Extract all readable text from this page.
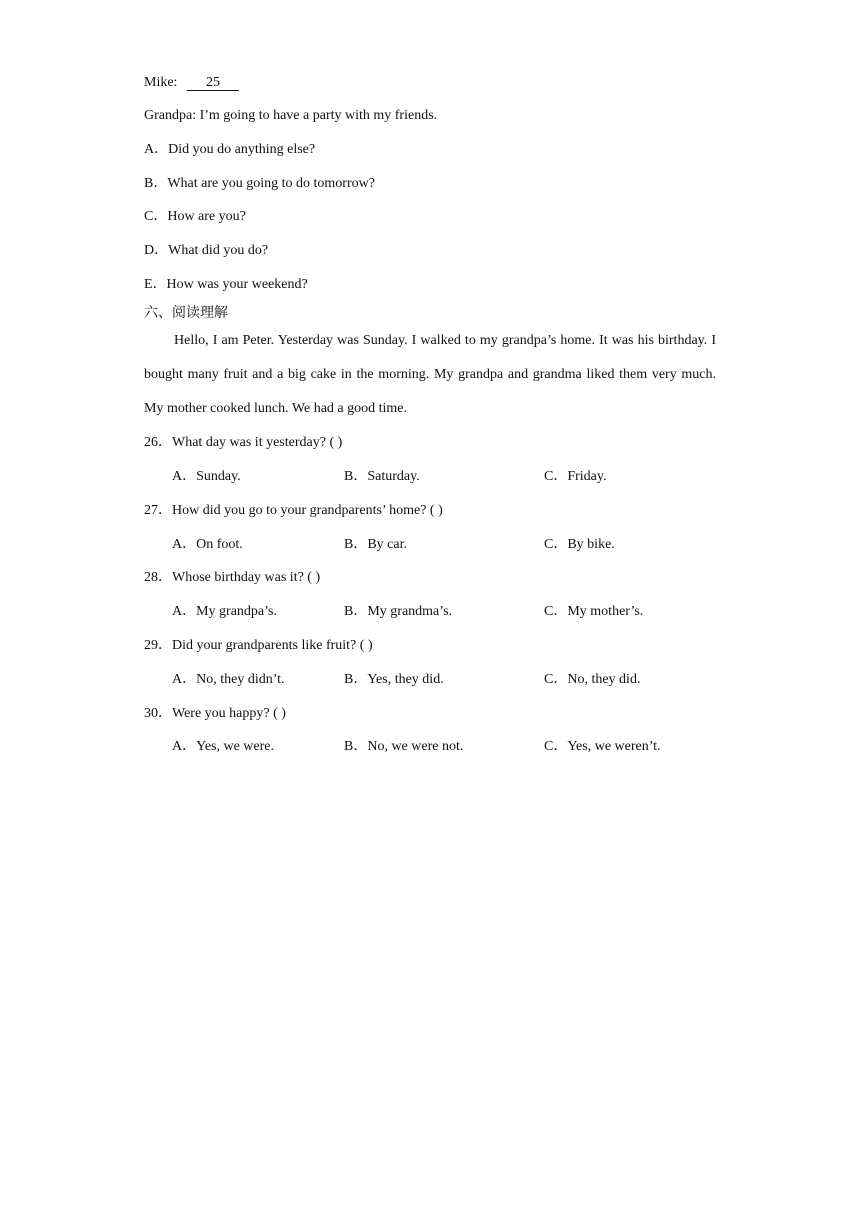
Mike: 25
Grandpa: I’m going to have a party with my friends.
A．Did you do anything else?
B．What are you going to do tomorrow?
C．How are you?
D．What did you do?
E．How was your weekend?
六、阅读理解
Hello, I am Peter. Yesterday was Sunday. I walked to my grandpa’s home. It was his birthday. I bought many fruit and a big cake in the morning. My grandpa and grandma liked them very much. My mother cooked lunch. We had a good time.
26．What day was it yesterday? ( )
A．Sunday.	B．Saturday.	C．Friday.
27．How did you go to your grandparents’ home? ( )
A．On foot.	B．By car.	C．By bike.
28．Whose birthday was it? ( )
A．My grandpa’s.	B．My grandma’s.	C．My mother’s.
29．Did your grandparents like fruit? ( )
A．No, they didn’t.	B．Yes, they did.	C．No, they did.
30．Were you happy? ( )
A．Yes, we were.	B．No, we were not.	C．Yes, we weren’t.
